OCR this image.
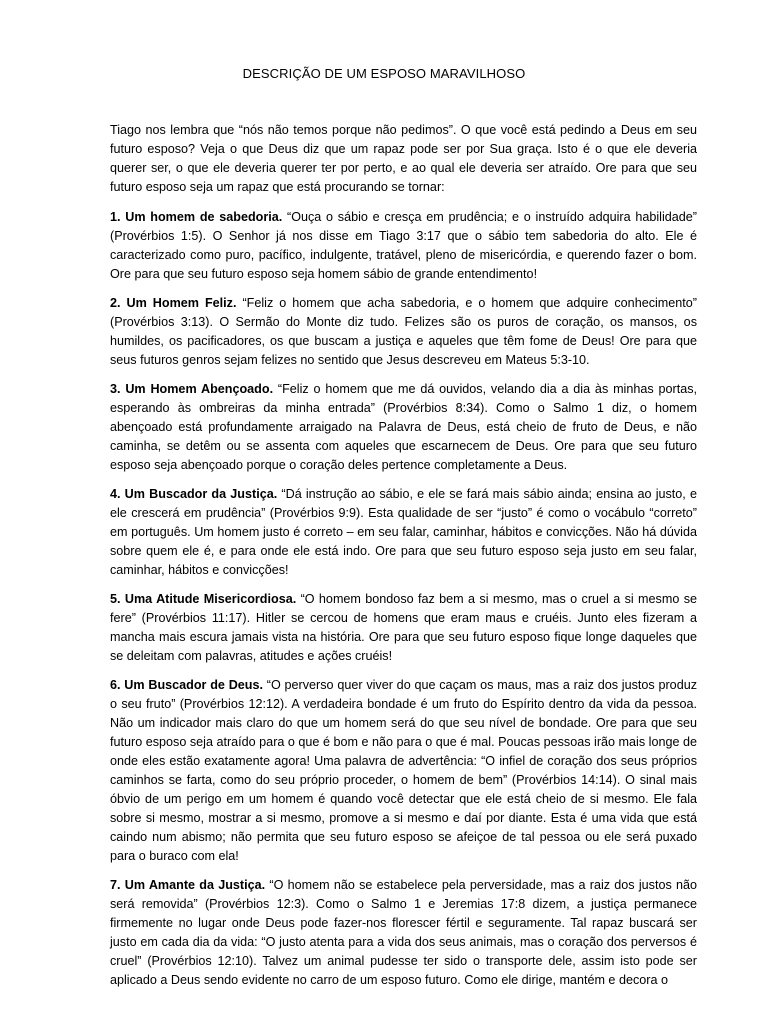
DESCRIÇÃO DE UM ESPOSO MARAVILHOSO

Tiago nos lembra que “nós não temos porque não pedimos”. O que você está pedindo a Deus em seu futuro esposo? Veja o que Deus diz que um rapaz pode ser por Sua graça. Isto é o que ele deveria querer ser, o que ele deveria querer ter por perto, e ao qual ele deveria ser atraído. Ore para que seu futuro esposo seja um rapaz que está procurando se tornar:

1. Um homem de sabedoria. “Ouça o sábio e cresça em prudência; e o instruído adquira habilidade” (Provérbios 1:5). O Senhor já nos disse em Tiago 3:17 que o sábio tem sabedoria do alto. Ele é caracterizado como puro, pacífico, indulgente, tratável, pleno de misericórdia, e querendo fazer o bom. Ore para que seu futuro esposo seja homem sábio de grande entendimento!

2. Um Homem Feliz. “Feliz o homem que acha sabedoria, e o homem que adquire conhecimento” (Provérbios 3:13). O Sermão do Monte diz tudo. Felizes são os puros de coração, os mansos, os humildes, os pacificadores, os que buscam a justiça e aqueles que têm fome de Deus! Ore para que seus futuros genros sejam felizes no sentido que Jesus descreveu em Mateus 5:3-10.

3. Um Homem Abençoado. “Feliz o homem que me dá ouvidos, velando dia a dia às minhas portas, esperando às ombreiras da minha entrada” (Provérbios 8:34). Como o Salmo 1 diz, o homem abençoado está profundamente arraigado na Palavra de Deus, está cheio de fruto de Deus, e não caminha, se detêm ou se assenta com aqueles que escarnecem de Deus. Ore para que seu futuro esposo seja abençoado porque o coração deles pertence completamente a Deus.

4. Um Buscador da Justiça. “Dá instrução ao sábio, e ele se fará mais sábio ainda; ensina ao justo, e ele crescerá em prudência” (Provérbios 9:9). Esta qualidade de ser “justo” é como o vocábulo “correto” em português. Um homem justo é correto – em seu falar, caminhar, hábitos e convicções. Não há dúvida sobre quem ele é, e para onde ele está indo. Ore para que seu futuro esposo seja justo em seu falar, caminhar, hábitos e convicções!

5. Uma Atitude Misericordiosa. “O homem bondoso faz bem a si mesmo, mas o cruel a si mesmo se fere” (Provérbios 11:17). Hitler se cercou de homens que eram maus e cruéis. Junto eles fizeram a mancha mais escura jamais vista na história. Ore para que seu futuro esposo fique longe daqueles que se deleitam com palavras, atitudes e ações cruéis!

6. Um Buscador de Deus. “O perverso quer viver do que caçam os maus, mas a raiz dos justos produz o seu fruto” (Provérbios 12:12). A verdadeira bondade é um fruto do Espírito dentro da vida da pessoa. Não um indicador mais claro do que um homem será do que seu nível de bondade. Ore para que seu futuro esposo seja atraído para o que é bom e não para o que é mal. Poucas pessoas irão mais longe de onde eles estão exatamente agora! Uma palavra de advertência: “O infiel de coração dos seus próprios caminhos se farta, como do seu próprio proceder, o homem de bem” (Provérbios 14:14). O sinal mais óbvio de um perigo em um homem é quando você detectar que ele está cheio de si mesmo. Ele fala sobre si mesmo, mostrar a si mesmo, promove a si mesmo e daí por diante. Esta é uma vida que está caindo num abismo; não permita que seu futuro esposo se afeiçoe de tal pessoa ou ele será puxado para o buraco com ela!

7. Um Amante da Justiça. “O homem não se estabelece pela perversidade, mas a raiz dos justos não será removida” (Provérbios 12:3). Como o Salmo 1 e Jeremias 17:8 dizem, a justiça permanece firmemente no lugar onde Deus pode fazer-nos florescer fértil e seguramente. Tal rapaz buscará ser justo em cada dia da vida: “O justo atenta para a vida dos seus animais, mas o coração dos perversos é cruel” (Provérbios 12:10). Talvez um animal pudesse ter sido o transporte dele, assim isto pode ser aplicado a Deus sendo evidente no carro de um esposo futuro. Como ele dirige, mantém e decora o
